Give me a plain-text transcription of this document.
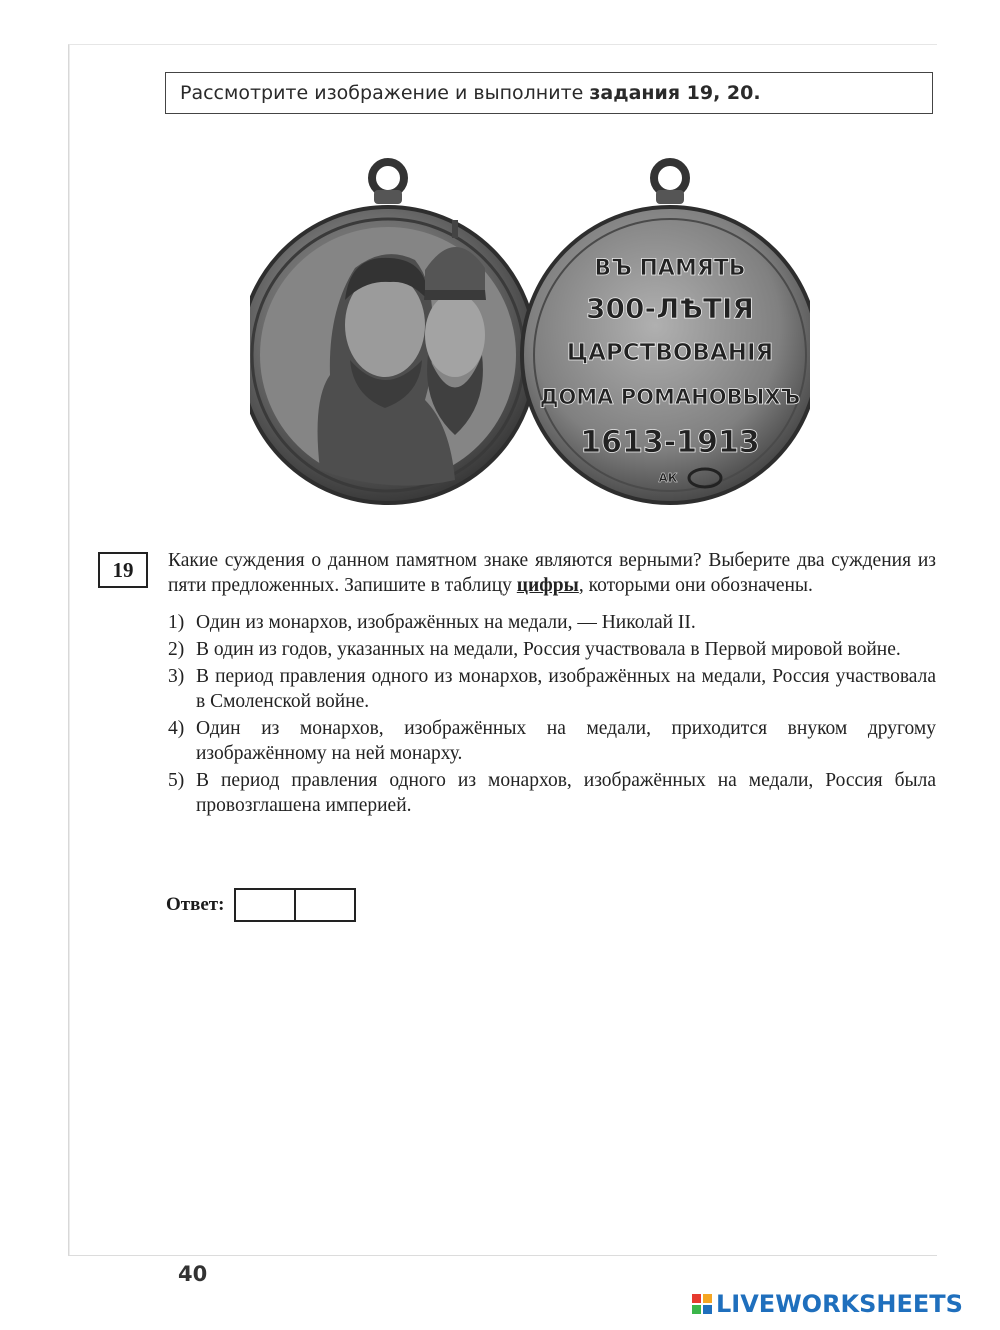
Рассмотрите изображение и выполните задания 19, 20.
ВЪ ПАМЯТЬ
300-ЛѢТІЯ
ЦАРСТВОВАНІЯ
ДОМА РОМАНОВЫХЪ
1613-1913
АК
19	Какие суждения о данном памятном знаке являются верными? Выберите два суждения из пяти предложенных. Запишите в таблицу цифры, которыми они обозначены.

1) Один из монархов, изображённых на медали, — Николай II.
2) В один из годов, указанных на медали, Россия участвовала в Первой мировой войне.
3) В период правления одного из монархов, изображённых на медали, Россия участвовала в Смоленской войне.
4) Один из монархов, изображённых на медали, приходится внуком другому изображённому на ней монарху.
5) В период правления одного из монархов, изображённых на медали, Россия была провозглашена империей.
Ответ:
40
LIVEWORKSHEETS
